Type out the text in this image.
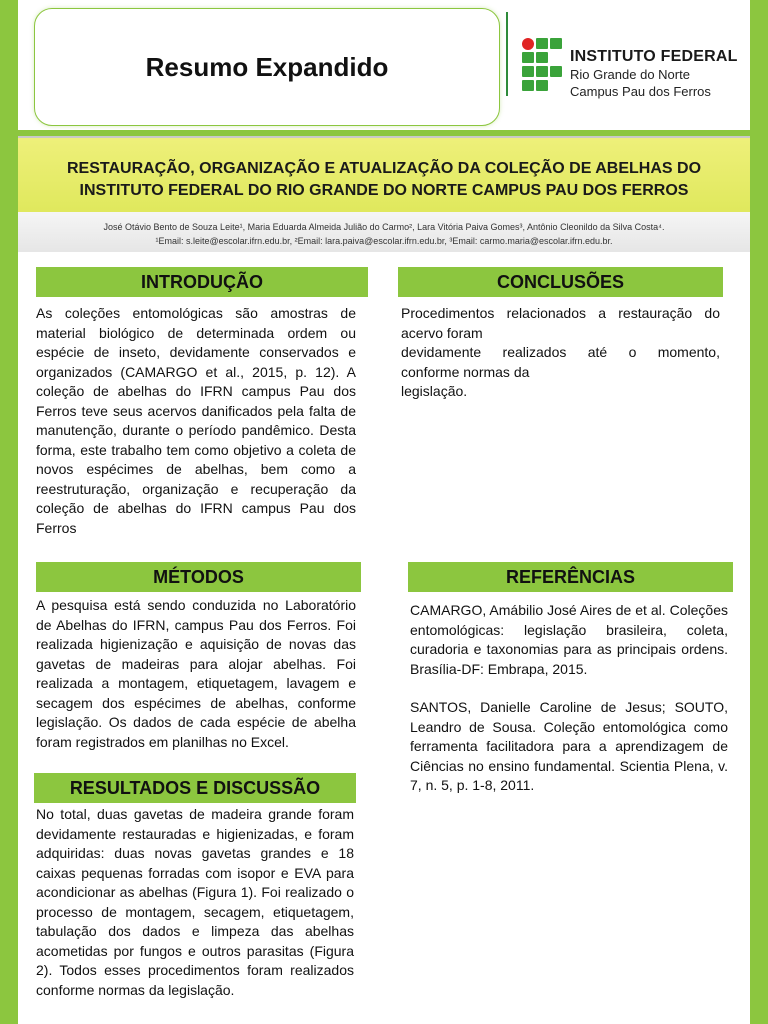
Resumo Expandido	INSTITUTO FEDERAL
Rio Grande do Norte
Campus Pau dos Ferros

RESTAURAÇÃO, ORGANIZAÇÃO E ATUALIZAÇÃO DA COLEÇÃO DE ABELHAS DO
INSTITUTO FEDERAL DO RIO GRANDE DO NORTE CAMPUS PAU DOS FERROS

José Otávio Bento de Souza Leite¹, Maria Eduarda Almeida Julião do Carmo², Lara Vitória Paiva Gomes³, Antônio Cleonildo da Silva Costa⁴.

¹Email: s.leite@escolar.ifrn.edu.br, ²Email: lara.paiva@escolar.ifrn.edu.br, ³Email: carmo.maria@escolar.ifrn.edu.br.

INTRODUÇÃO

As coleções entomológicas são amostras de material biológico de determinada ordem ou espécie de inseto, devidamente conservados e organizados (CAMARGO et al., 2015, p. 12). A coleção de abelhas do IFRN campus Pau dos Ferros teve seus acervos danificados pela falta de manutenção, durante o período pandêmico. Desta forma, este trabalho tem como objetivo a coleta de novos espécimes de abelhas, bem como a reestruturação, organização e recuperação da coleção de abelhas do IFRN campus Pau dos Ferros

CONCLUSÕES

Procedimentos relacionados a restauração do

acervo foram

devidamente realizados até o momento,

conforme normas da

legislação.

MÉTODOS

A pesquisa está sendo conduzida no Laboratório de Abelhas do IFRN, campus Pau dos Ferros. Foi realizada higienização e aquisição de novas das gavetas de madeiras para alojar abelhas. Foi realizada a montagem, etiquetagem, lavagem e secagem dos espécimes de abelhas, conforme legislação. Os dados de cada espécie de abelha foram registrados em planilhas no Excel.

REFERÊNCIAS

CAMARGO, Amábilio José Aires de et al. Coleções entomológicas: legislação brasileira, coleta, curadoria e taxonomias para as principais ordens. Brasília-DF: Embrapa, 2015.

SANTOS, Danielle Caroline de Jesus; SOUTO, Leandro de Sousa. Coleção entomológica como ferramenta facilitadora para a aprendizagem de Ciências no ensino fundamental. Scientia Plena, v. 7, n. 5, p. 1-8, 2011.

RESULTADOS E DISCUSSÃO

No total, duas gavetas de madeira grande foram devidamente restauradas e higienizadas, e foram adquiridas: duas novas gavetas grandes e 18 caixas pequenas forradas com isopor e EVA para acondicionar as abelhas (Figura 1). Foi realizado o processo de montagem, secagem, etiquetagem, tabulação dos dados e limpeza das abelhas acometidas por fungos e outros parasitas (Figura 2). Todos esses procedimentos foram realizados conforme normas da legislação.
